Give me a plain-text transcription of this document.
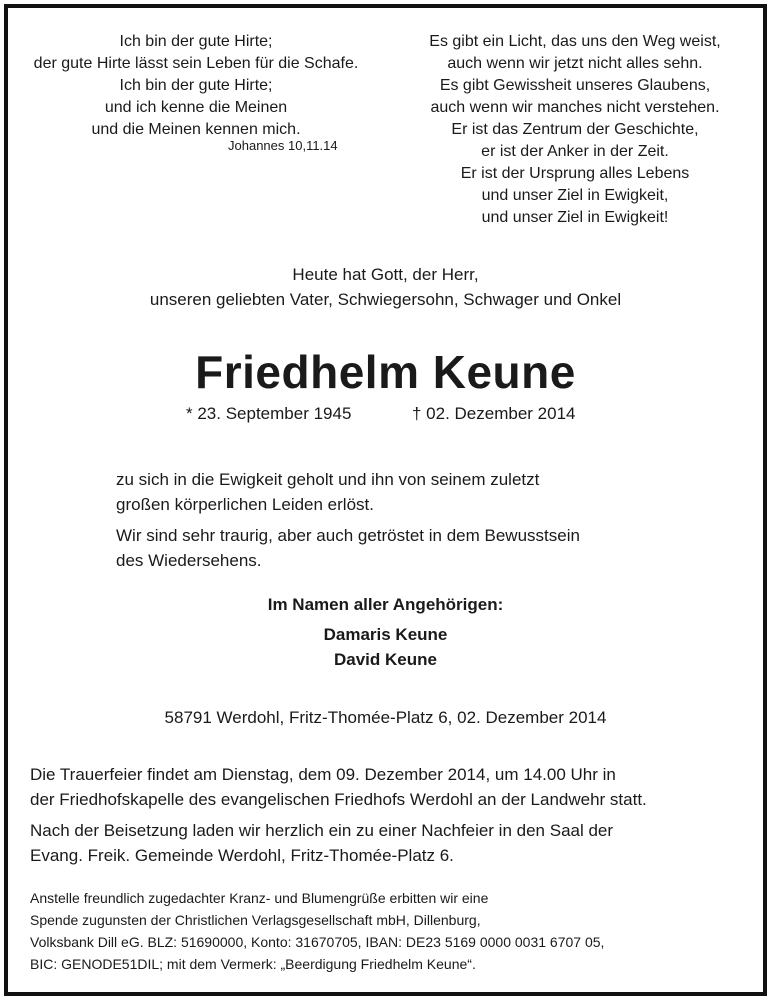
Ich bin der gute Hirte;
der gute Hirte lässt sein Leben für die Schafe.
Ich bin der gute Hirte;
und ich kenne die Meinen
und die Meinen kennen mich.
Johannes 10,11.14
Es gibt ein Licht, das uns den Weg weist,
auch wenn wir jetzt nicht alles sehn.
Es gibt Gewissheit unseres Glaubens,
auch wenn wir manches nicht verstehen.
Er ist das Zentrum der Geschichte,
er ist der Anker in der Zeit.
Er ist der Ursprung alles Lebens
und unser Ziel in Ewigkeit,
und unser Ziel in Ewigkeit!
Heute hat Gott, der Herr,
unseren geliebten Vater, Schwiegersohn, Schwager und Onkel
Friedhelm Keune
* 23. September 1945	† 02. Dezember 2014
zu sich in die Ewigkeit geholt und ihn von seinem zuletzt
großen körperlichen Leiden erlöst.
Wir sind sehr traurig, aber auch getröstet in dem Bewusstsein
des Wiedersehens.
Im Namen aller Angehörigen:
Damaris Keune
David Keune
58791 Werdohl, Fritz-Thomée-Platz 6, 02. Dezember 2014
Die Trauerfeier findet am Dienstag, dem 09. Dezember 2014, um 14.00 Uhr in
der Friedhofskapelle des evangelischen Friedhofs Werdohl an der Landwehr statt.
Nach der Beisetzung laden wir herzlich ein zu einer Nachfeier in den Saal der
Evang. Freik. Gemeinde Werdohl, Fritz-Thomée-Platz 6.
Anstelle freundlich zugedachter Kranz- und Blumengrüße erbitten wir eine
Spende zugunsten der Christlichen Verlagsgesellschaft mbH, Dillenburg,
Volksbank Dill eG. BLZ: 51690000, Konto: 31670705, IBAN: DE23 5169 0000 0031 6707 05,
BIC: GENODE51DIL; mit dem Vermerk: „Beerdigung Friedhelm Keune“.
